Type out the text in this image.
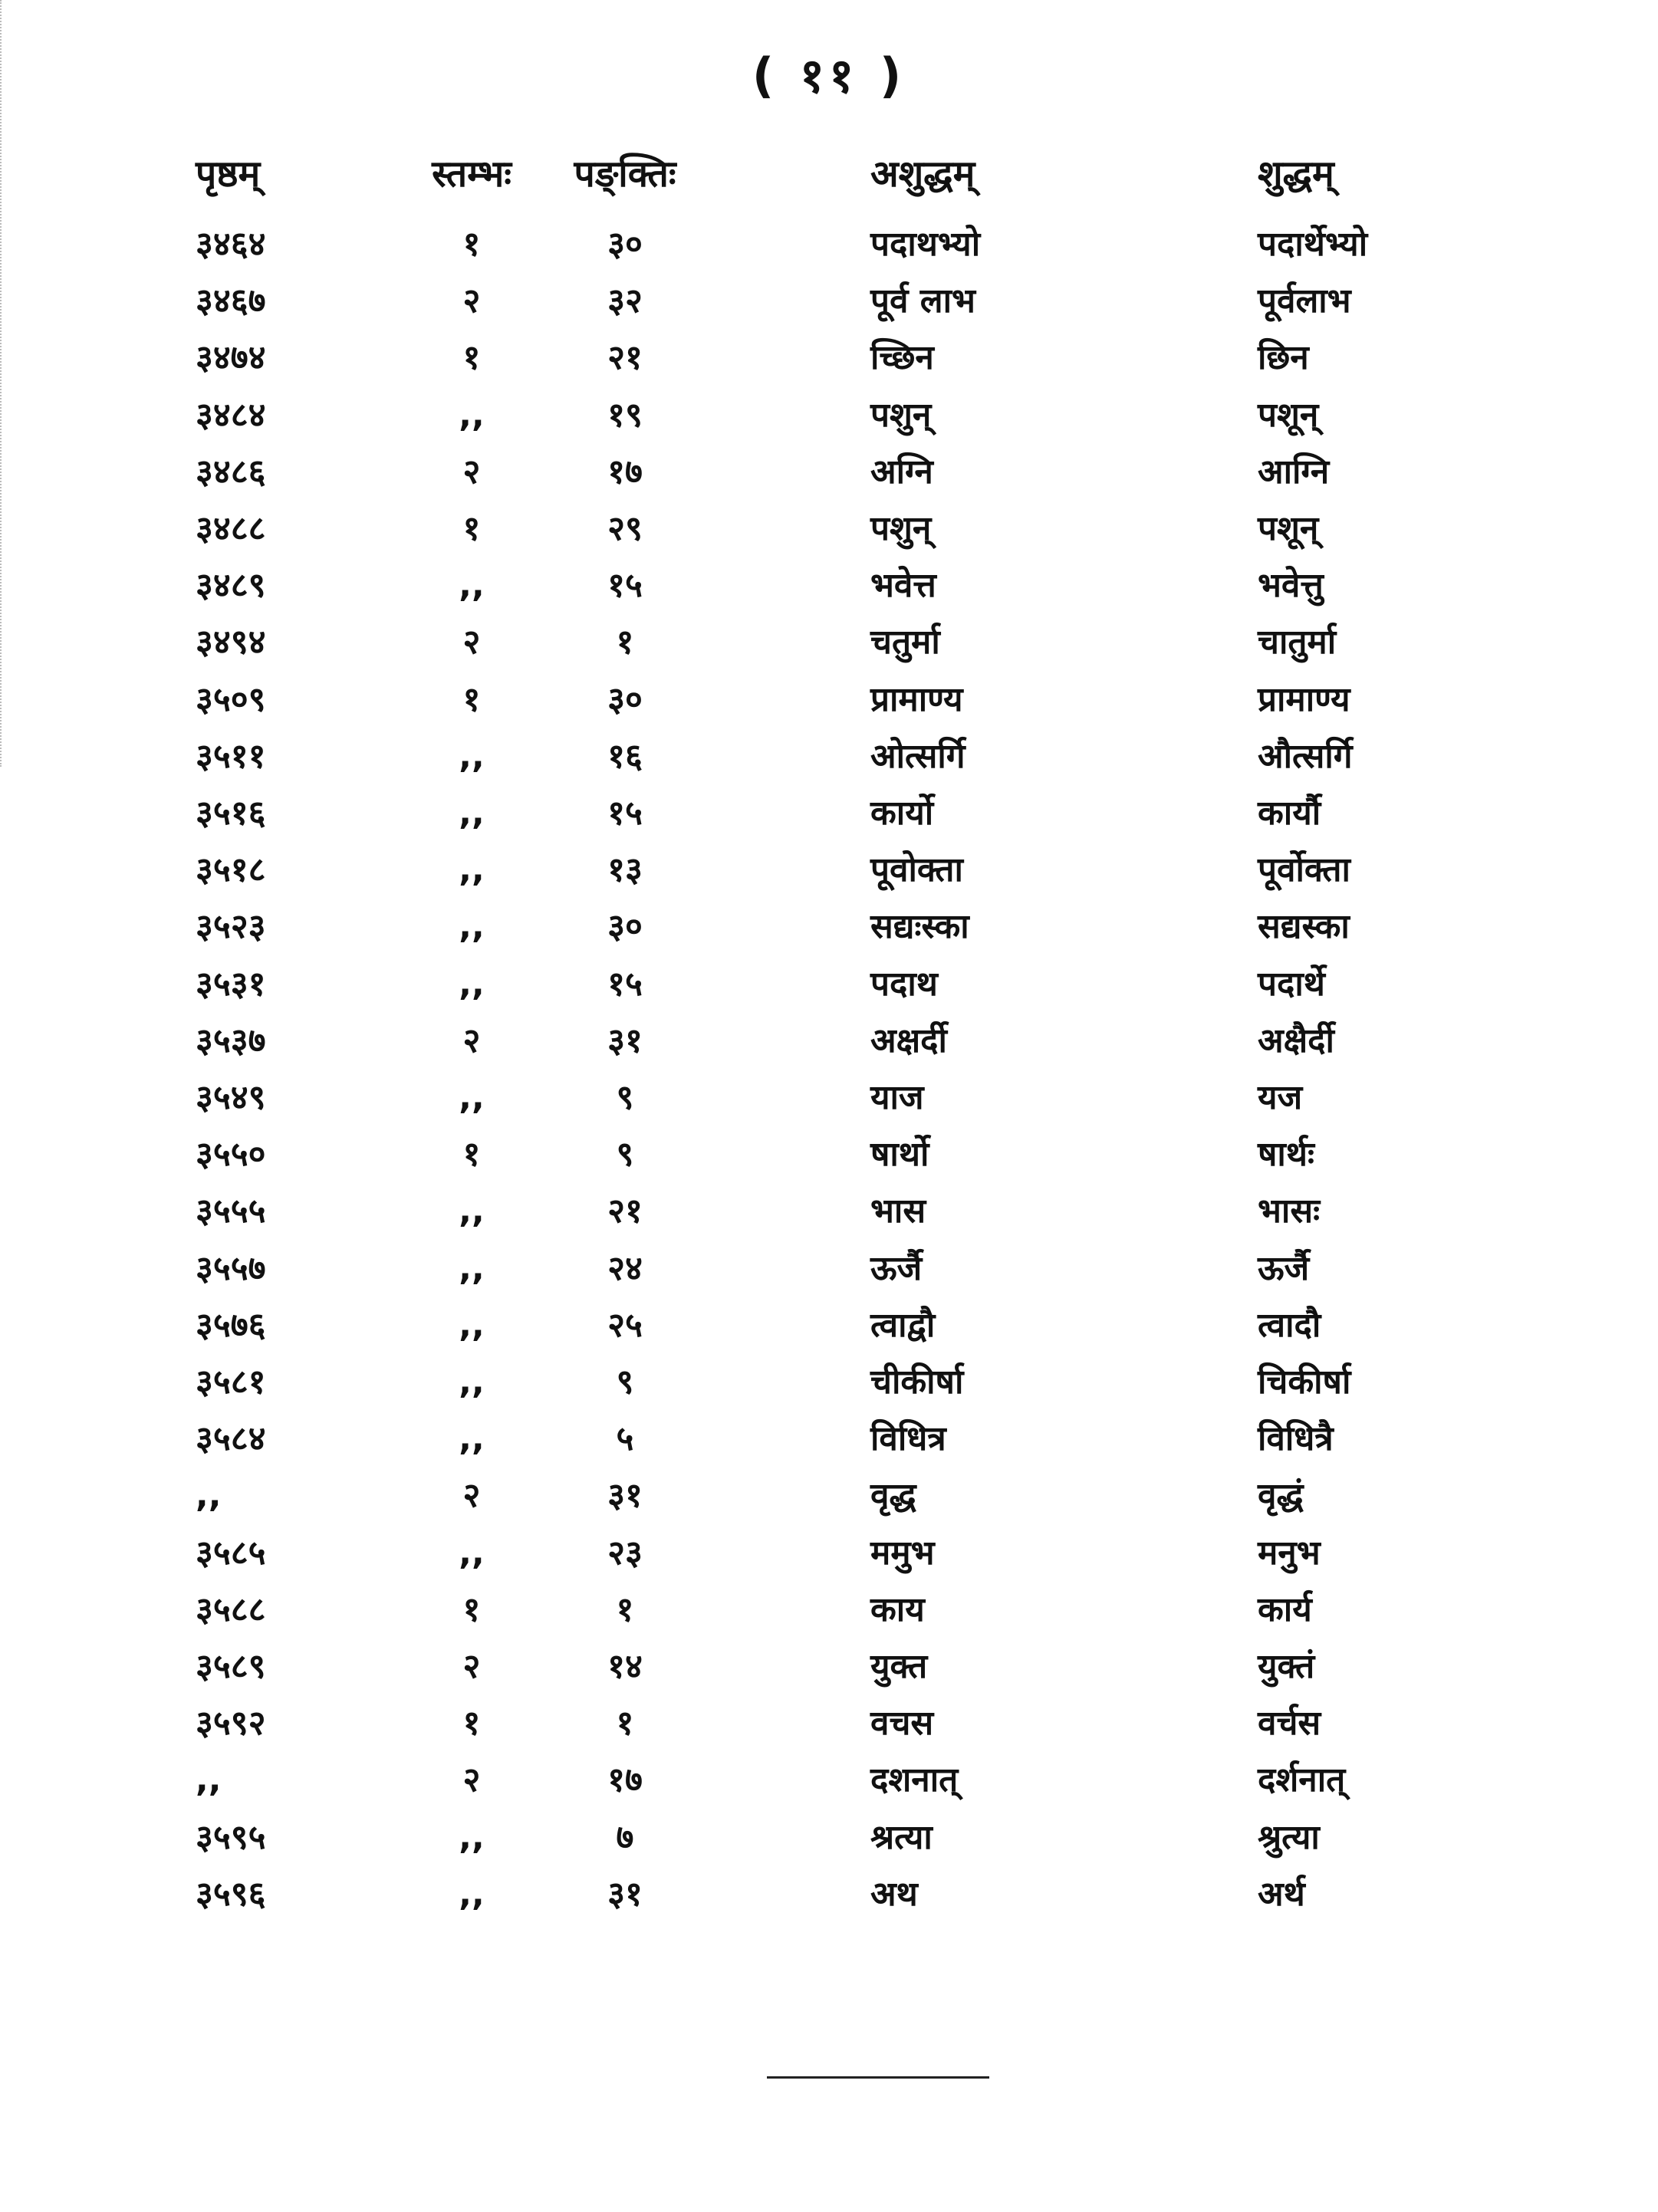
( ११ )
पृष्ठम्	स्तम्भः	पङ्क्तिः	अशुद्धम्	शुद्धम्
३४६४	१	३०	पदाथभ्यो	पदार्थेभ्यो
३४६७	२	३२	पूर्व लाभ	पूर्वलाभ
३४७४	१	२१	च्छिन	छिन
३४८४	,,	१९	पशुन्	पशून्
३४८६	२	१७	अग्नि	आग्नि
३४८८	१	२९	पशुन्	पशून्
३४८९	,,	१५	भवेत्त	भवेत्तु
३४९४	२	१	चतुर्मा	चातुर्मा
३५०९	१	३०	प्रामाण्य	प्रामाण्य
३५११	,,	१६	ओत्सर्गि	औत्सर्गि
३५१६	,,	१५	कार्यो	कार्यौ
३५१८	,,	१३	पूवोक्ता	पूर्वोक्ता
३५२३	,,	३०	सद्यःस्का	सद्यस्का
३५३१	,,	१५	पदाथ	पदार्थे
३५३७	२	३१	अक्षर्दी	अक्षैर्दी
३५४९	,,	९	याज	यज
३५५०	१	९	षार्थो	षार्थः
३५५५	,,	२१	भास	भासः
३५५७	,,	२४	ऊर्जै	ऊर्जै
३५७६	,,	२५	त्वाद्वौ	त्वादौ
३५८१	,,	९	चीकीर्षा	चिकीर्षा
३५८४	,,	५	विधित्र	विधित्रै
,,	२	३१	वृद्ध	वृद्धं
३५८५	,,	२३	ममुभ	मनुभ
३५८८	१	१	काय	कार्य
३५८९	२	१४	युक्त	युक्तं
३५९२	१	१	वचस	वर्चस
,,	२	१७	दशनात्	दर्शनात्
३५९५	,,	७	श्रत्या	श्रुत्या
३५९६	,,	३१	अथ	अर्थ
